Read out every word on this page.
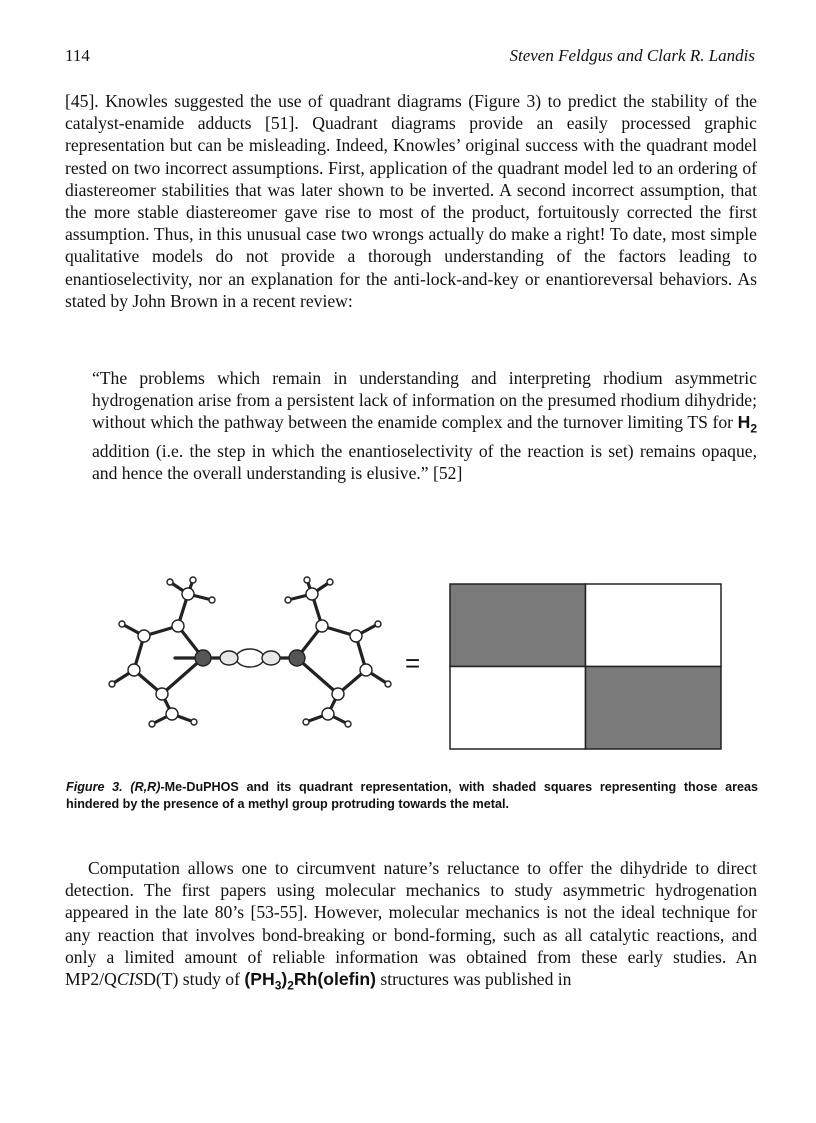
114	Steven Feldgus and Clark R. Landis

[45]. Knowles suggested the use of quadrant diagrams (Figure 3) to predict the stability of the catalyst-enamide adducts [51]. Quadrant diagrams provide an easily processed graphic representation but can be misleading. Indeed, Knowles’ original success with the quadrant model rested on two incorrect assumptions. First, application of the quadrant model led to an ordering of diastereomer stabilities that was later shown to be inverted. A second incorrect assumption, that the more stable diastereomer gave rise to most of the product, fortuitously corrected the first assumption. Thus, in this unusual case two wrongs actually do make a right! To date, most simple qualitative models do not provide a thorough understanding of the factors leading to enantioselectivity, nor an explanation for the anti-lock-and-key or enantioreversal behaviors. As stated by John Brown in a recent review:

“The problems which remain in understanding and interpreting rhodium asymmetric hydrogenation arise from a persistent lack of information on the presumed rhodium dihydride; without which the pathway between the enamide complex and the turnover limiting TS for $H_2$ addition (i.e. the step in which the enantioselectivity of the reaction is set) remains opaque, and hence the overall understanding is elusive.” [52]

=

Figure 3. (R,R)-Me-DuPHOS and its quadrant representation, with shaded squares representing those areas hindered by the presence of a methyl group protruding towards the metal.

Computation allows one to circumvent nature’s reluctance to offer the dihydride to direct detection. The first papers using molecular mechanics to study asymmetric hydrogenation appeared in the late 80’s [53-55]. However, molecular mechanics is not the ideal technique for any reaction that involves bond-breaking or bond-forming, such as all catalytic reactions, and only a limited amount of reliable information was obtained from these early studies. An MP2/QCISD(T) study of $(PH_3)_2Rh(olefin)$ structures was published in
